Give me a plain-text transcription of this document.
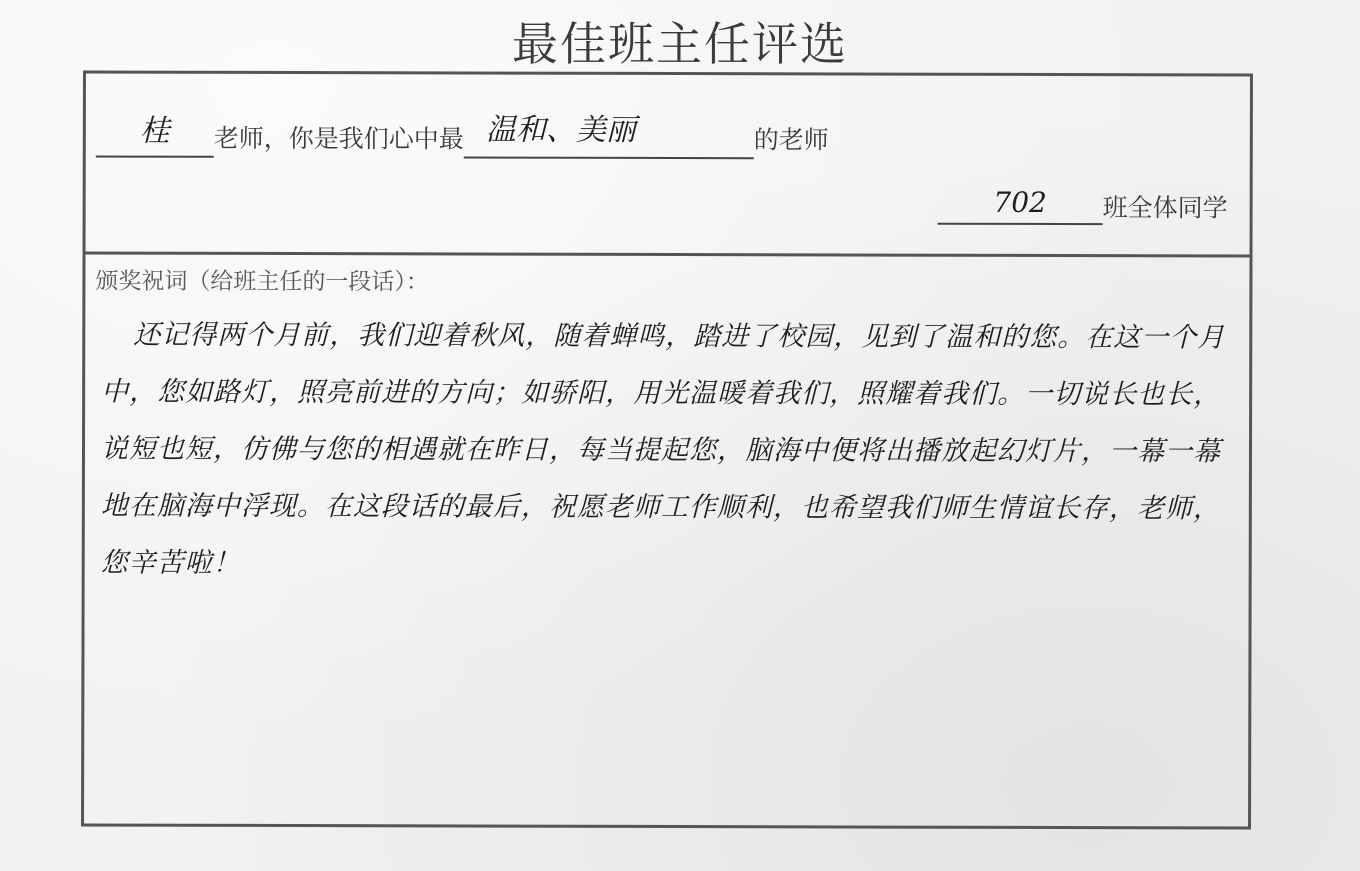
最佳班主任评选
桂 老师，你是我们心中最 温和、美丽	的老师
702 班全体同学
颁奖祝词（给班主任的一段话）：
还记得两个月前，我们迎着秋风，随着蝉鸣，踏进了校园，见到了温和的您。在这一个月中，您如路灯，照亮前进的方向；如骄阳，用光温暖着我们，照耀着我们。一切说长也长，说短也短，仿佛与您的相遇就在昨日，每当提起您，脑海中便将出播放起幻灯片，一幕一幕地在脑海中浮现。在这段话的最后，祝愿老师工作顺利，也希望我们师生情谊长存，老师，您辛苦啦！
